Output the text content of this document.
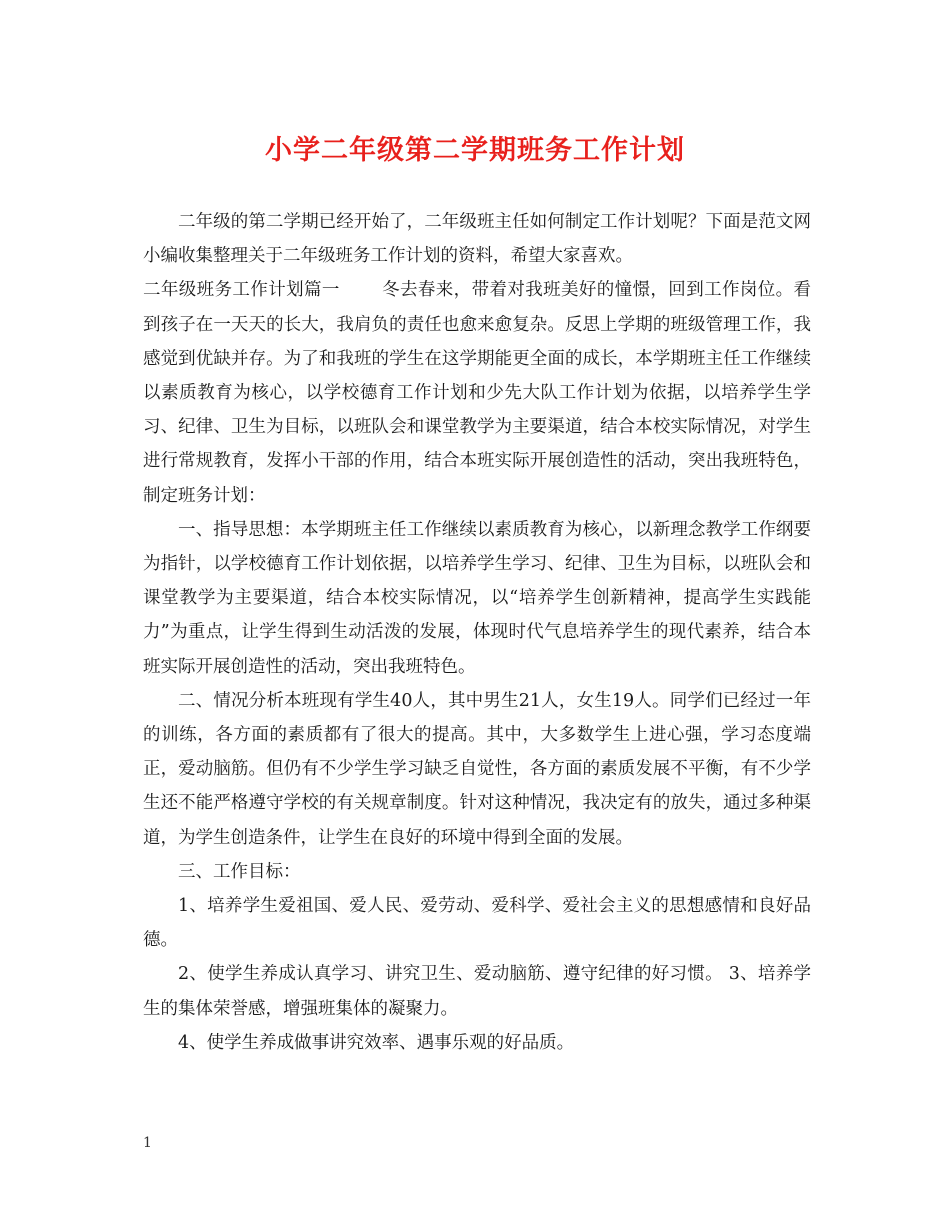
小学二年级第二学期班务工作计划

二年级的第二学期已经开始了，二年级班主任如何制定工作计划呢？下面是范文网小编收集整理关于二年级班务工作计划的资料，希望大家喜欢。

二年级班务工作计划篇一 冬去春来，带着对我班美好的憧憬，回到工作岗位。看到孩子在一天天的长大，我肩负的责任也愈来愈复杂。反思上学期的班级管理工作，我感觉到优缺并存。为了和我班的学生在这学期能更全面的成长，本学期班主任工作继续以素质教育为核心，以学校德育工作计划和少先大队工作计划为依据，以培养学生学习、纪律、卫生为目标，以班队会和课堂教学为主要渠道，结合本校实际情况，对学生进行常规教育，发挥小干部的作用，结合本班实际开展创造性的活动，突出我班特色，制定班务计划：

一、指导思想：本学期班主任工作继续以素质教育为核心，以新理念教学工作纲要为指针，以学校德育工作计划依据，以培养学生学习、纪律、卫生为目标，以班队会和课堂教学为主要渠道，结合本校实际情况，以“培养学生创新精神，提高学生实践能力”为重点，让学生得到生动活泼的发展，体现时代气息培养学生的现代素养，结合本班实际开展创造性的活动，突出我班特色。

二、情况分析本班现有学生40人，其中男生21人，女生19人。同学们已经过一年的训练，各方面的素质都有了很大的提高。其中，大多数学生上进心强，学习态度端正，爱动脑筋。但仍有不少学生学习缺乏自觉性，各方面的素质发展不平衡，有不少学生还不能严格遵守学校的有关规章制度。针对这种情况，我决定有的放失，通过多种渠道，为学生创造条件，让学生在良好的环境中得到全面的发展。

三、工作目标：

1、培养学生爱祖国、爱人民、爱劳动、爱科学、爱社会主义的思想感情和良好品德。

2、使学生养成认真学习、讲究卫生、爱动脑筋、遵守纪律的好习惯。 3、培养学生的集体荣誉感，增强班集体的凝聚力。

4、使学生养成做事讲究效率、遇事乐观的好品质。

1
